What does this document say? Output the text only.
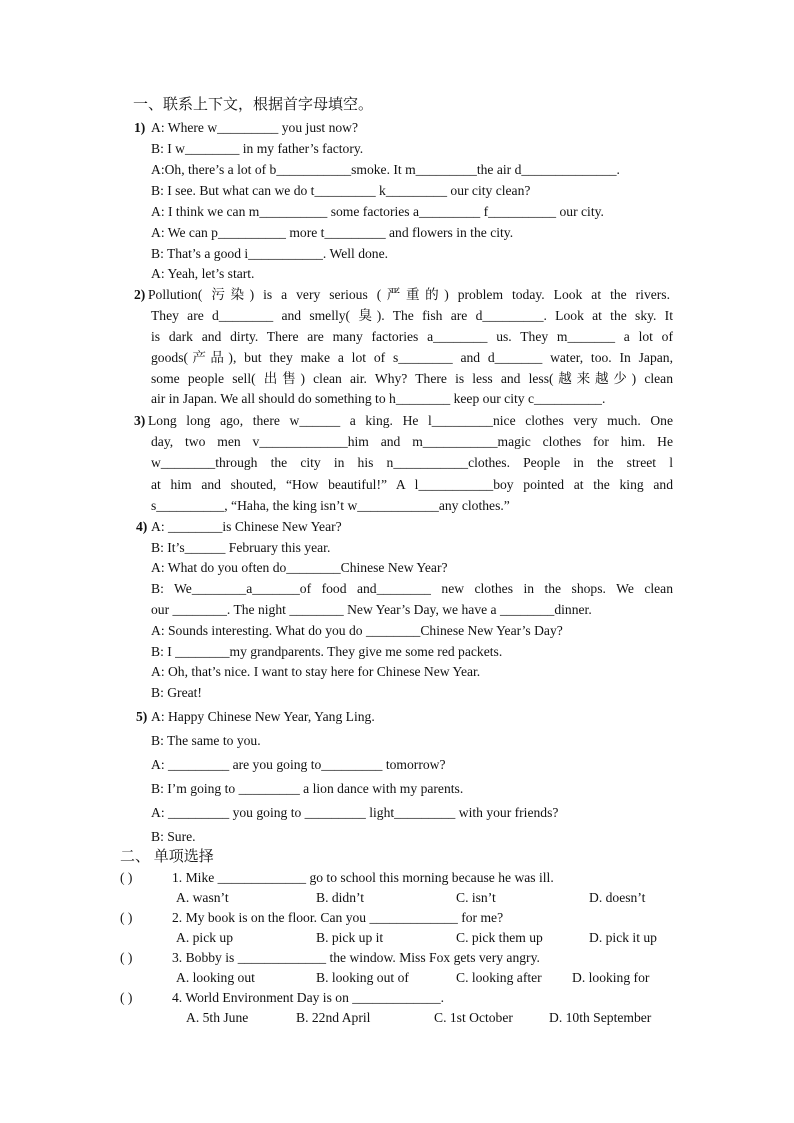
一、联系上下文，根据首字母填空。
1) A: Where w_________ you just now?
B: I w________ in my father’s factory.
A:Oh, there’s a lot of b___________smoke. It m_________the air d______________.
B: I see. But what can we do t_________ k_________ our city clean?
A: I think we can m__________ some factories a_________ f__________ our city.
A: We can p__________ more t_________ and flowers in the city.
B: That’s a good i___________. Well done.
A: Yeah, let’s start.
2) Pollution( 污染) is a very serious (严重的) problem today. Look at the rivers.
They are d________ and smelly( 臭). The fish are d_________. Look at the sky. It
is dark and dirty. There are many factories a________ us. They m_______ a lot of
goods(产品), but they make a lot of s________ and d_______ water, too. In Japan,
some people sell( 出售) clean air. Why? There is less and less(越来越少) clean
air in Japan. We all should do something to h________ keep our city c__________.
3) Long long ago, there w______ a king. He l_________nice clothes very much. One
day, two men v_____________him and m___________magic clothes for him. He
w________through the city in his n___________clothes. People in the street l
at him and shouted, “How beautiful!” A l___________boy pointed at the king and
s__________, “Haha, the king isn’t w____________any clothes.”
4) A: ________is Chinese New Year?
B: It’s______ February this year.
A: What do you often do________Chinese New Year?
B: We________a_______of food and________ new clothes in the shops. We clean
our ________. The night ________ New Year’s Day, we have a ________dinner.
A: Sounds interesting. What do you do ________Chinese New Year’s Day?
B: I ________my grandparents. They give me some red packets.
A: Oh, that’s nice. I want to stay here for Chinese New Year.
B: Great!
5) A: Happy Chinese New Year, Yang Ling.
B: The same to you.
A: _________ are you going to_________ tomorrow?
B: I’m going to _________ a lion dance with my parents.
A: _________ you going to _________ light_________ with your friends?
B: Sure.
二、 单项选择
( )	1. Mike _____________ go to school this morning because he was ill.
A. wasn’t	B. didn’t	C. isn’t	D. doesn’t
( )	2. My book is on the floor. Can you _____________ for me?
A. pick up	B. pick up it	C. pick them up	D. pick it up
( )	3. Bobby is _____________ the window. Miss Fox gets very angry.
A. looking out	B. looking out of	C. looking after D. looking for
( )	4. World Environment Day is on _____________.
A. 5th June	B. 22nd April	C. 1st October	D. 10th September
